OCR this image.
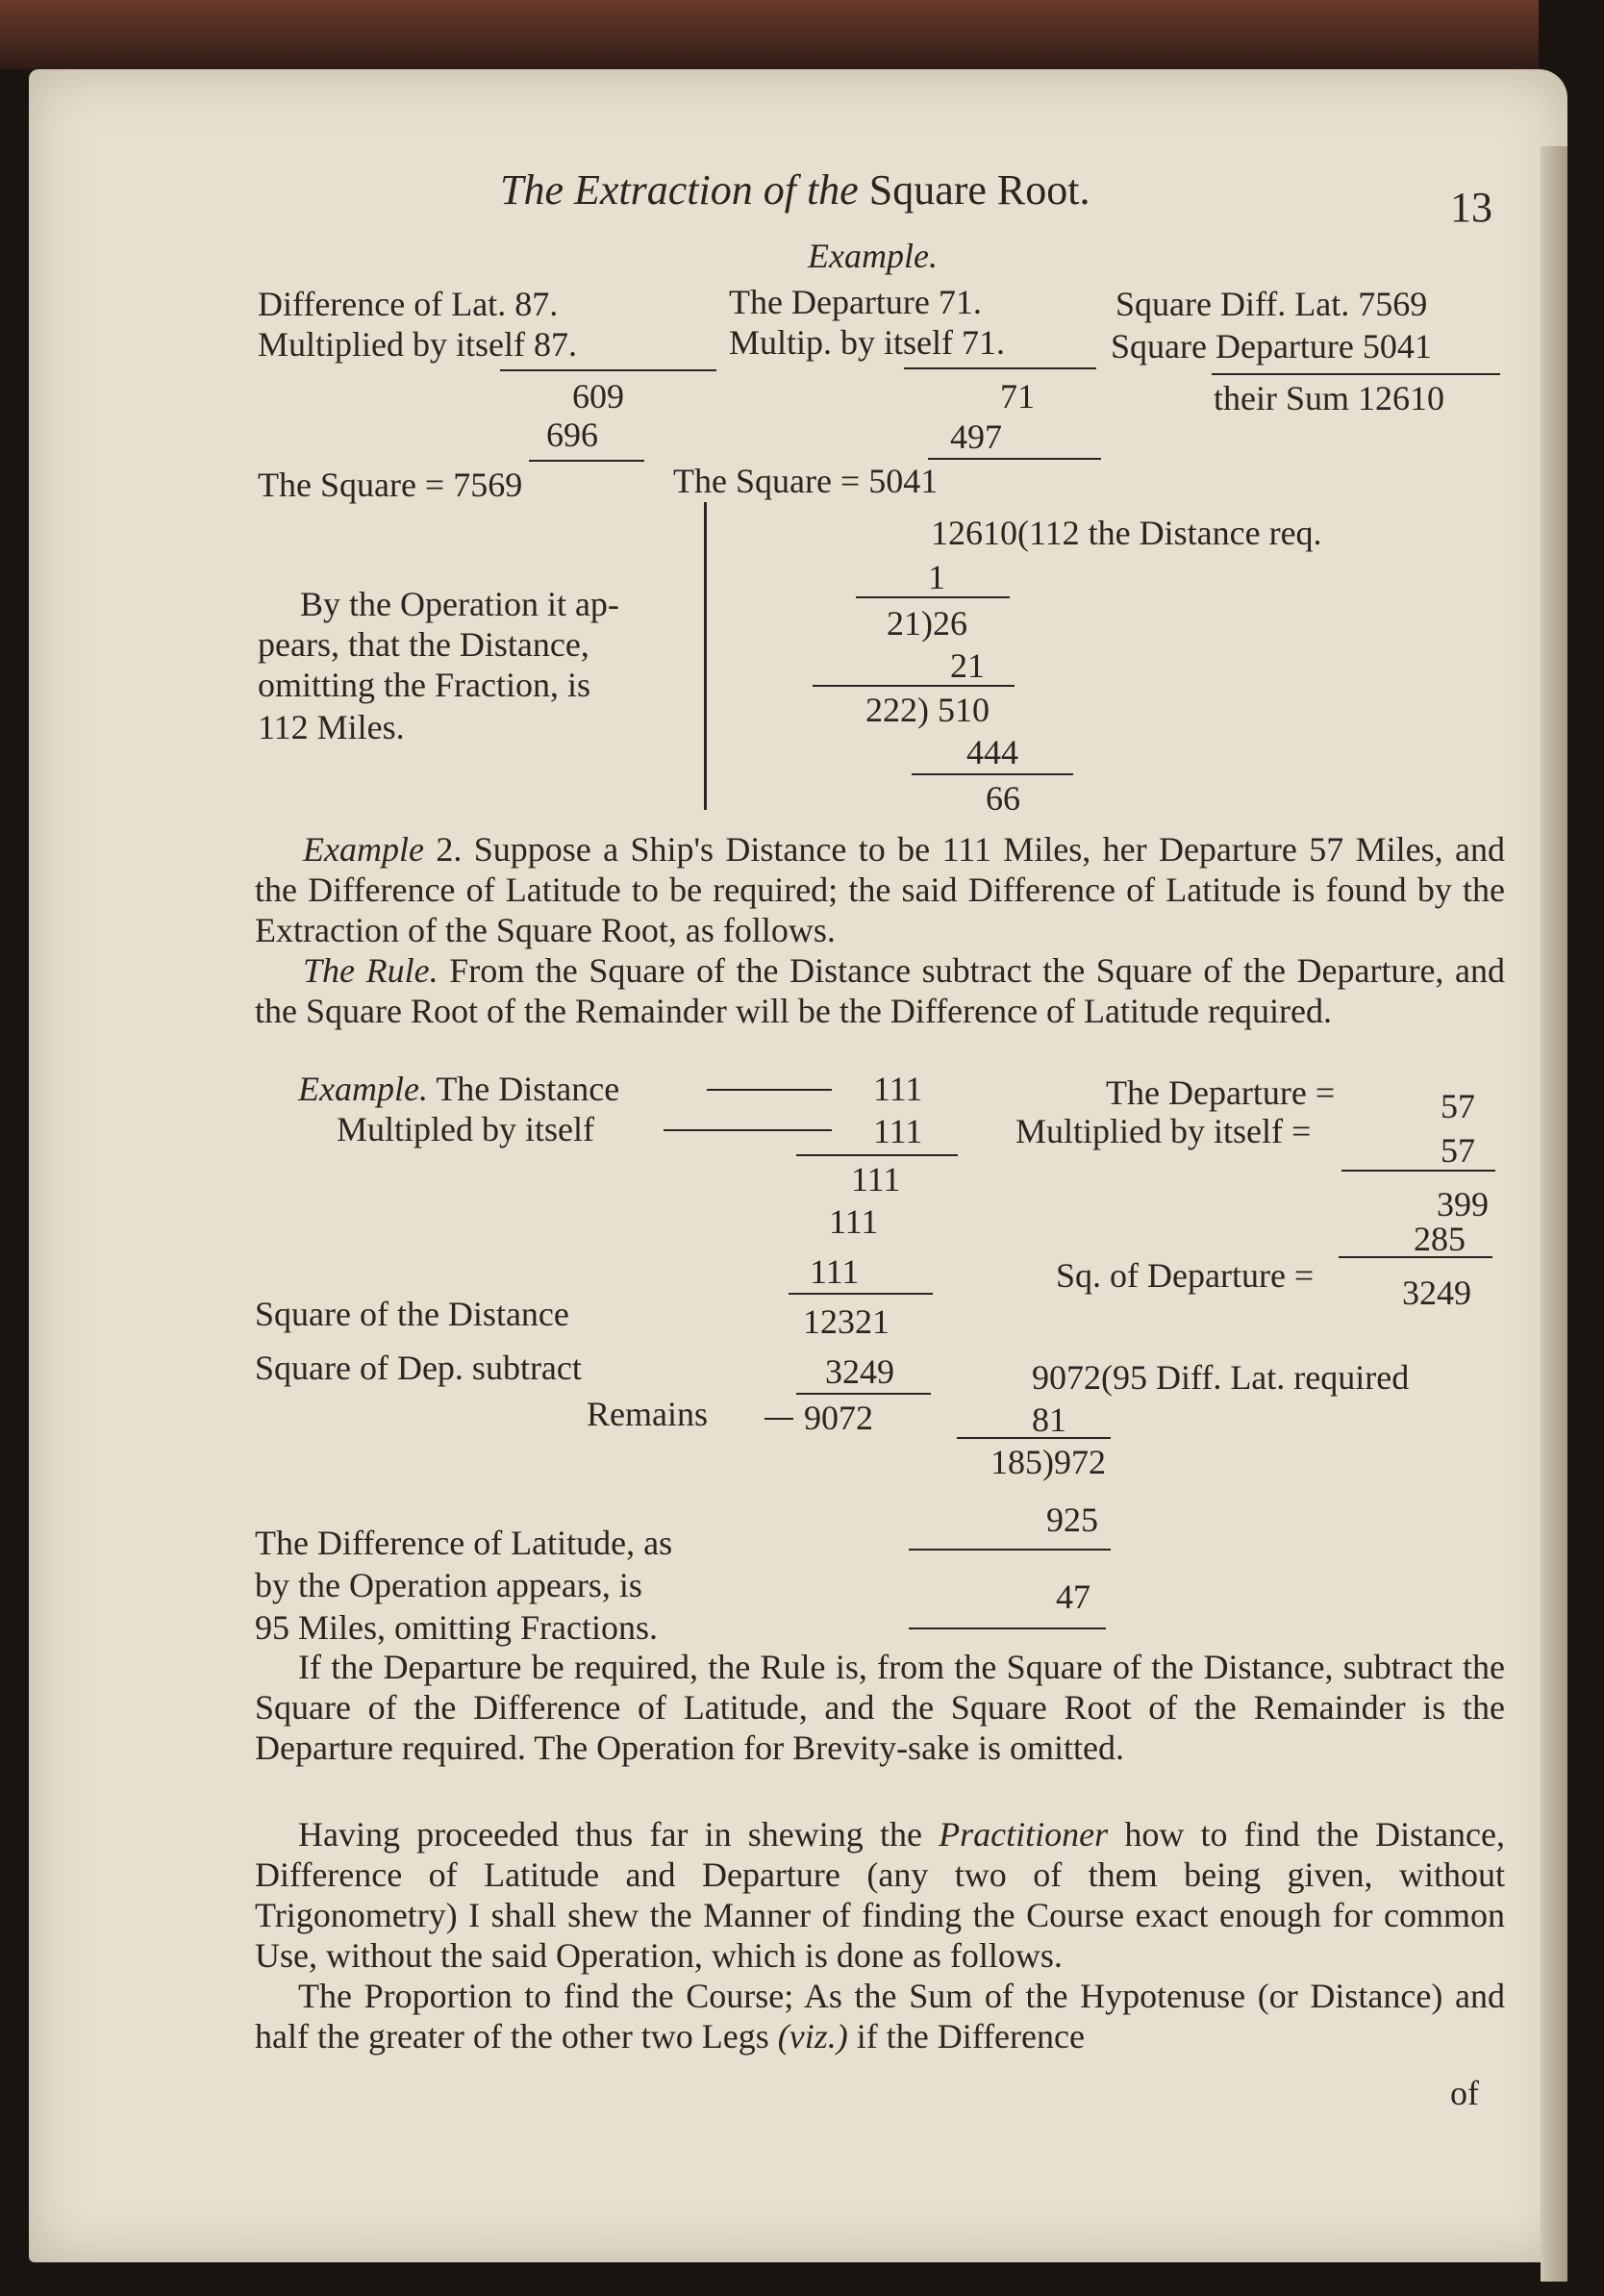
The Extraction of the Square Root.	13
Example.
Difference of Lat. 87.
Multiplied by itself 87.
609
696
The Square = 7569
The Departure 71.
Multip. by itself 71.
71
497
The Square = 5041
Square Diff. Lat. 7569
Square Departure 5041
their Sum 12610
12610(112 the Distance req.
1
21)26
21
222) 510
444
66
By the Operation it ap-
pears, that the Distance,
omitting the Fraction, is
112 Miles.
Example 2. Suppose a Ship's Distance to be 111 Miles, her Departure 57 Miles, and the Difference of Latitude to be required; the said Difference of Latitude is found by the Extraction of the Square Root, as follows.
The Rule. From the Square of the Distance subtract the Square of the Departure, and the Square Root of the Remainder will be the Difference of Latitude required.
Example. The Distance
Multipled by itself
111
111
111
111
111
Square of the Distance	12321
Square of Dep. subtract	3249
Remains	9072
The Departure =	57
Multiplied by itself =	57
399
285
Sq. of Departure =	3249
9072(95 Diff. Lat. required
81
185)972
925
47
The Difference of Latitude, as
by the Operation appears, is
95 Miles, omitting Fractions.
If the Departure be required, the Rule is, from the Square of the Distance, subtract the Square of the Difference of Latitude, and the Square Root of the Remainder is the Departure required. The Operation for Brevity-sake is omitted.
Having proceeded thus far in shewing the Practitioner how to find the Distance, Difference of Latitude and Departure (any two of them being given, without Trigonometry) I shall shew the Manner of finding the Course exact enough for common Use, without the said Operation, which is done as follows.
The Proportion to find the Course; As the Sum of the Hypotenuse (or Distance) and half the greater of the other two Legs (viz.) if the Difference
of
